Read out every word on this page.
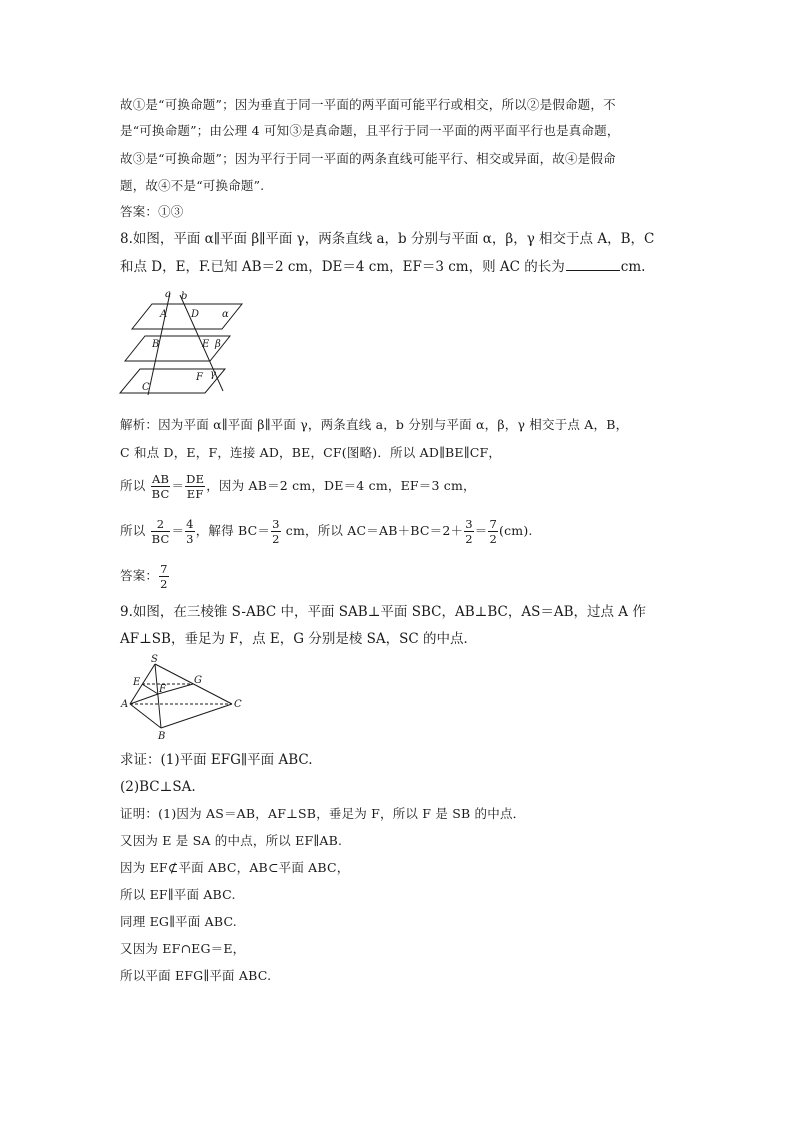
故①是“可换命题”；因为垂直于同一平面的两平面可能平行或相交，所以②是假命题，不
是“可换命题”；由公理 4 可知③是真命题，且平行于同一平面的两平面平行也是真命题，
故③是“可换命题”；因为平行于同一平面的两条直线可能平行、相交或异面，故④是假命
题，故④不是“可换命题”.
答案：①③
8.如图，平面 α∥平面 β∥平面 γ，两条直线 a，b 分别与平面 α，β，γ 相交于点 A，B，C
和点 D，E，F.已知 AB＝2 cm，DE＝4 cm，EF＝3 cm，则 AC 的长为	cm.
a b
α
A D
B	E β
F γ
C
解析：因为平面 α∥平面 β∥平面 γ，两条直线 a，b 分别与平面 α，β，γ 相交于点 A，B，
C 和点 D，E，F，连接 AD，BE，CF(图略)．所以 AD∥BE∥CF，
所以 $\frac{AB}{BC} = \frac{DE}{EF}$ ，因为 AB＝2 cm，DE＝4 cm，EF＝3 cm，
所以 $\frac{2}{BC} = \frac{4}{3}$ ，解得 $BC= \frac{3}{2}$ cm，所以 $AC=AB+BC=2+ \frac{3}{2} = \frac{7}{2} (cm)$.
答案： $\frac{7}{2}$
9.如图，在三棱锥 S-ABC 中，平面 SAB⊥平面 SBC，AB⊥BC，AS＝AB，过点 A 作
AF⊥SB，垂足为 F，点 E，G 分别是棱 SA，SC 的中点．
S
E
F
G
A
B
C
求证：(1)平面 EFG∥平面 ABC.
(2)BC⊥SA.
证明：(1)因为 AS＝AB，AF⊥SB，垂足为 F，所以 F 是 SB 的中点．
又因为 E 是 SA 的中点，所以 EF∥AB.
因为 EF⊄平面 ABC，AB⊂平面 ABC，
所以 EF∥平面 ABC.
同理 EG∥平面 ABC.
又因为 EF∩EG＝E，
所以平面 EFG∥平面 ABC.
